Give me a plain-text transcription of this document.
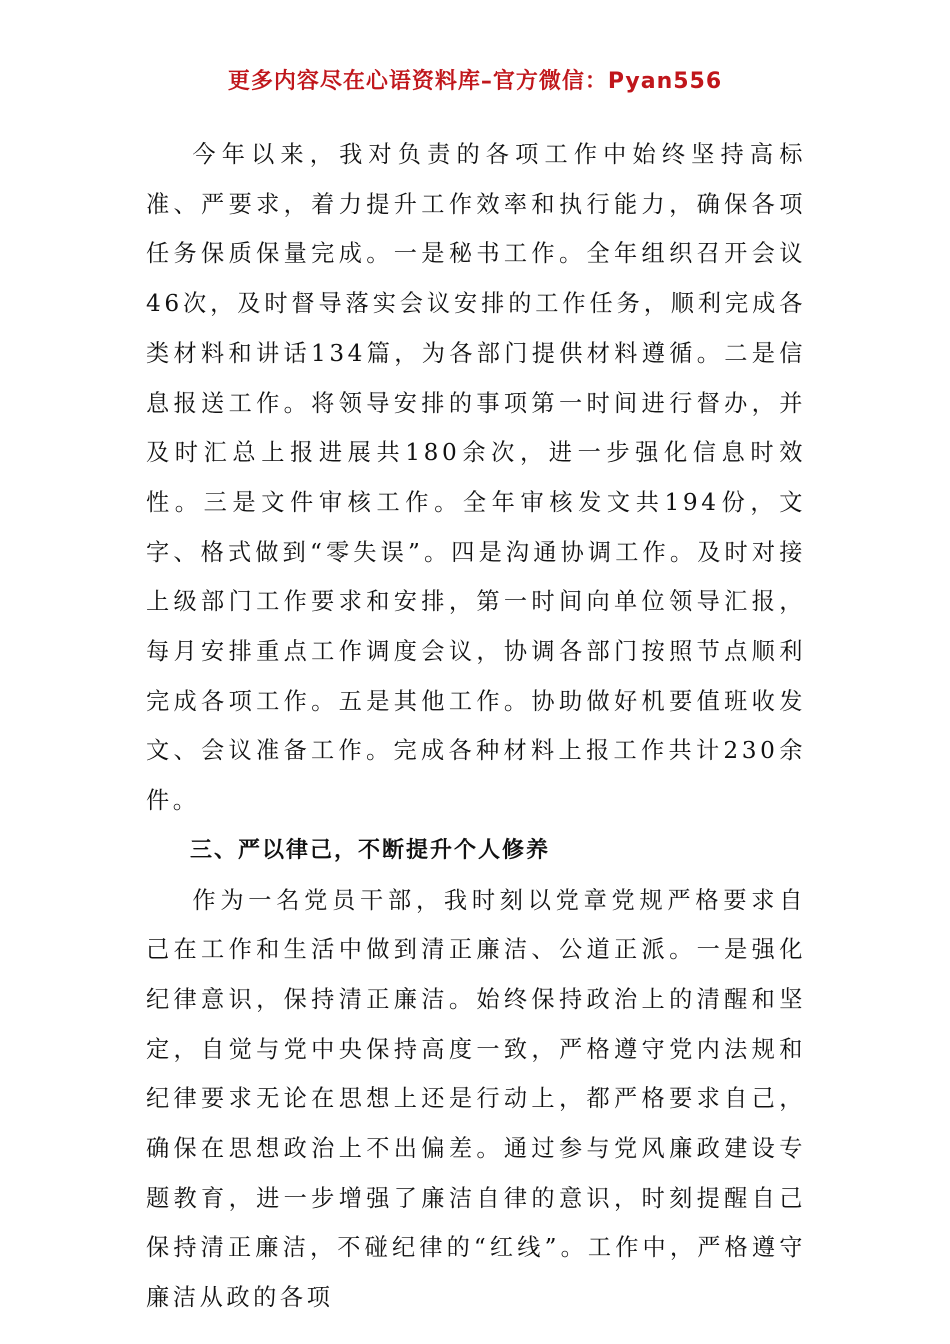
更多内容尽在心语资料库–官方微信：Pyan556

今年以来，我对负责的各项工作中始终坚持高标准、严要求，着力提升工作效率和执行能力，确保各项任务保质保量完成。一是秘书工作。全年组织召开会议46次，及时督导落实会议安排的工作任务，顺利完成各类材料和讲话134篇，为各部门提供材料遵循。二是信息报送工作。将领导安排的事项第一时间进行督办，并及时汇总上报进展共180余次，进一步强化信息时效性。三是文件审核工作。全年审核发文共194份，文字、格式做到“零失误”。四是沟通协调工作。及时对接上级部门工作要求和安排，第一时间向单位领导汇报，每月安排重点工作调度会议，协调各部门按照节点顺利完成各项工作。五是其他工作。协助做好机要值班收发文、会议准备工作。完成各种材料上报工作共计230余件。

三、严以律己，不断提升个人修养

作为一名党员干部，我时刻以党章党规严格要求自己在工作和生活中做到清正廉洁、公道正派。一是强化纪律意识，保持清正廉洁。始终保持政治上的清醒和坚定，自觉与党中央保持高度一致，严格遵守党内法规和纪律要求无论在思想上还是行动上，都严格要求自己，确保在思想政治上不出偏差。通过参与党风廉政建设专题教育，进一步增强了廉洁自律的意识，时刻提醒自己保持清正廉洁，不碰纪律的“红线”。工作中，严格遵守廉洁从政的各项
